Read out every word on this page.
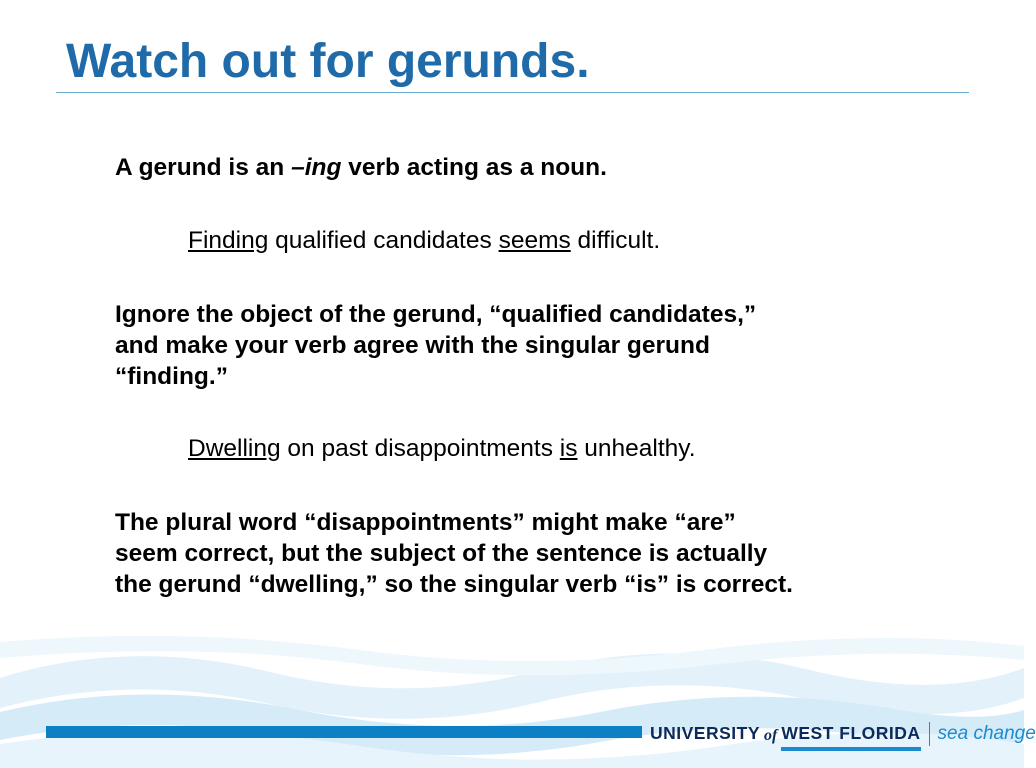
Watch out for gerunds.
A gerund is an –ing verb acting as a noun.
Finding qualified candidates seems difficult.
Ignore the object of the gerund, “qualified candidates,”
and make your verb agree with the singular gerund
“finding.”
Dwelling on past disappointments is unhealthy.
The plural word “disappointments” might make “are”
seem correct, but the subject of the sentence is actually
the gerund “dwelling,” so the singular verb “is” is correct.
UNIVERSITY of WEST FLORIDA sea change
